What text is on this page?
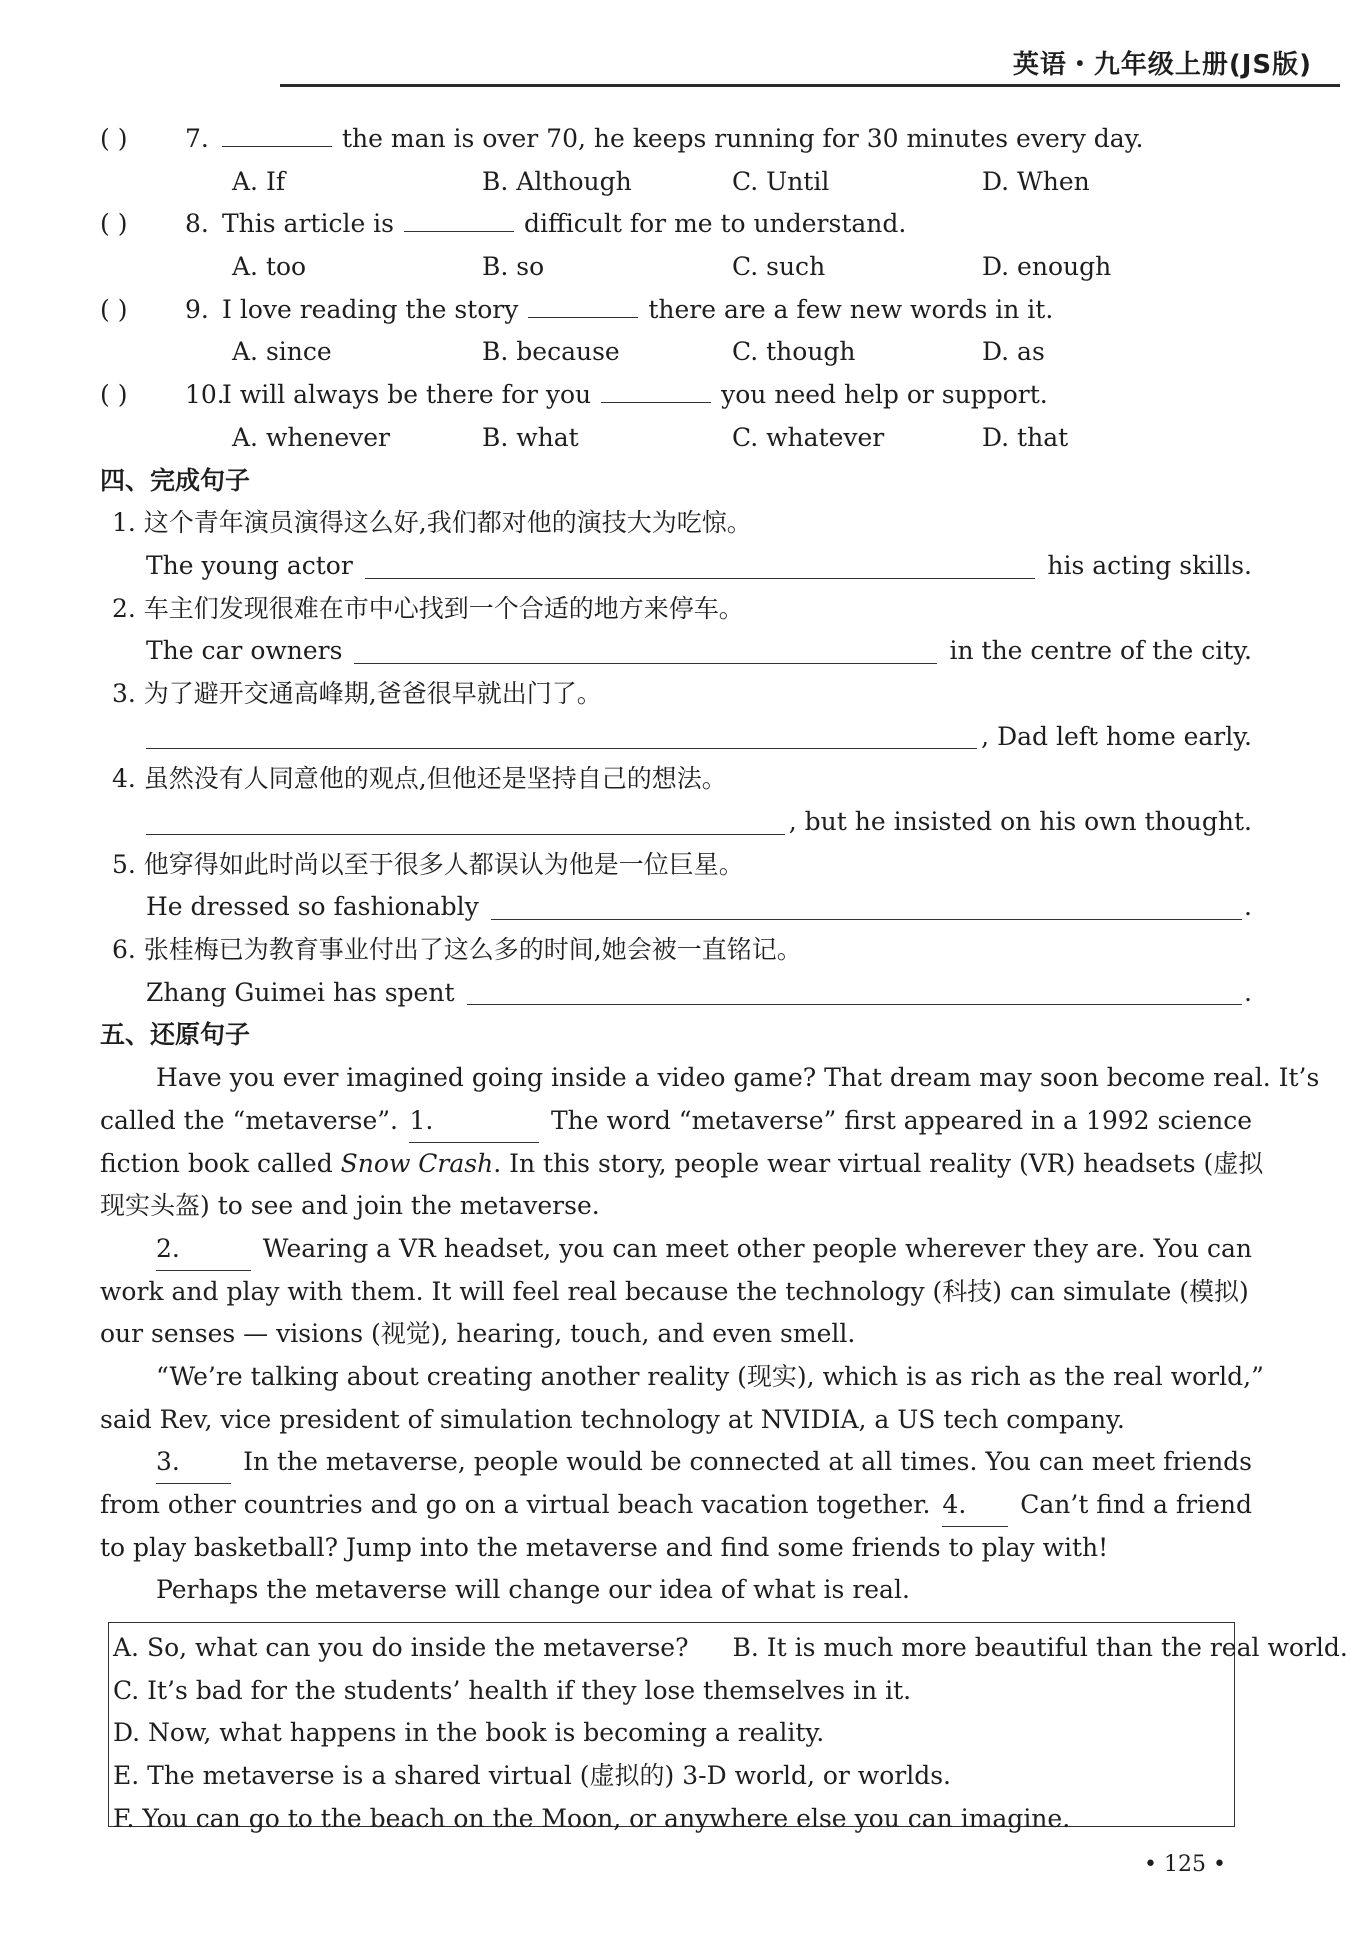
英语・九年级上册(JS版)
( ) 7.	the man is over 70, he keeps running for 30 minutes every day.
A. If	B. Although	C. Until	D. When
( ) 8. This article is	difficult for me to understand.
A. too	B. so	C. such	D. enough
( ) 9. I love reading the story	there are a few new words in it.
A. since	B. because	C. though	D. as
( ) 10.I will always be there for you	you need help or support.
A. whenever	B. what	C. whatever	D. that
四、完成句子
1. 这个青年演员演得这么好,我们都对他的演技大为吃惊。
The young actor	his acting skills.
2. 车主们发现很难在市中心找到一个合适的地方来停车。
The car owners	in the centre of the city.
3. 为了避开交通高峰期,爸爸很早就出门了。
, Dad left home early.
4. 虽然没有人同意他的观点,但他还是坚持自己的想法。
, but he insisted on his own thought.
5. 他穿得如此时尚以至于很多人都误认为他是一位巨星。
He dressed so fashionably	.
6. 张桂梅已为教育事业付出了这么多的时间,她会被一直铭记。
Zhang Guimei has spent	.
五、还原句子
Have you ever imagined going inside a video game? That dream may soon become real. It’s
called the “metaverse”. 1.	The word “metaverse” first appeared in a 1992 science
fiction book called Snow Crash. In this story, people wear virtual reality (VR) headsets (虚拟
现实头盔) to see and join the metaverse.
2.	Wearing a VR headset, you can meet other people wherever they are. You can
work and play with them. It will feel real because the technology (科技) can simulate (模拟)
our senses — visions (视觉), hearing, touch, and even smell.
“We’re talking about creating another reality (现实), which is as rich as the real world,”
said Rev, vice president of simulation technology at NVIDIA, a US tech company.
3.	In the metaverse, people would be connected at all times. You can meet friends
from other countries and go on a virtual beach vacation together. 4.	Can’t find a friend
to play basketball? Jump into the metaverse and find some friends to play with!
Perhaps the metaverse will change our idea of what is real.
A. So, what can you do inside the metaverse? B. It is much more beautiful than the real world.
C. It’s bad for the students’ health if they lose themselves in it.
D. Now, what happens in the book is becoming a reality.
E. The metaverse is a shared virtual (虚拟的) 3-D world, or worlds.
F. You can go to the beach on the Moon, or anywhere else you can imagine.
• 125 •
